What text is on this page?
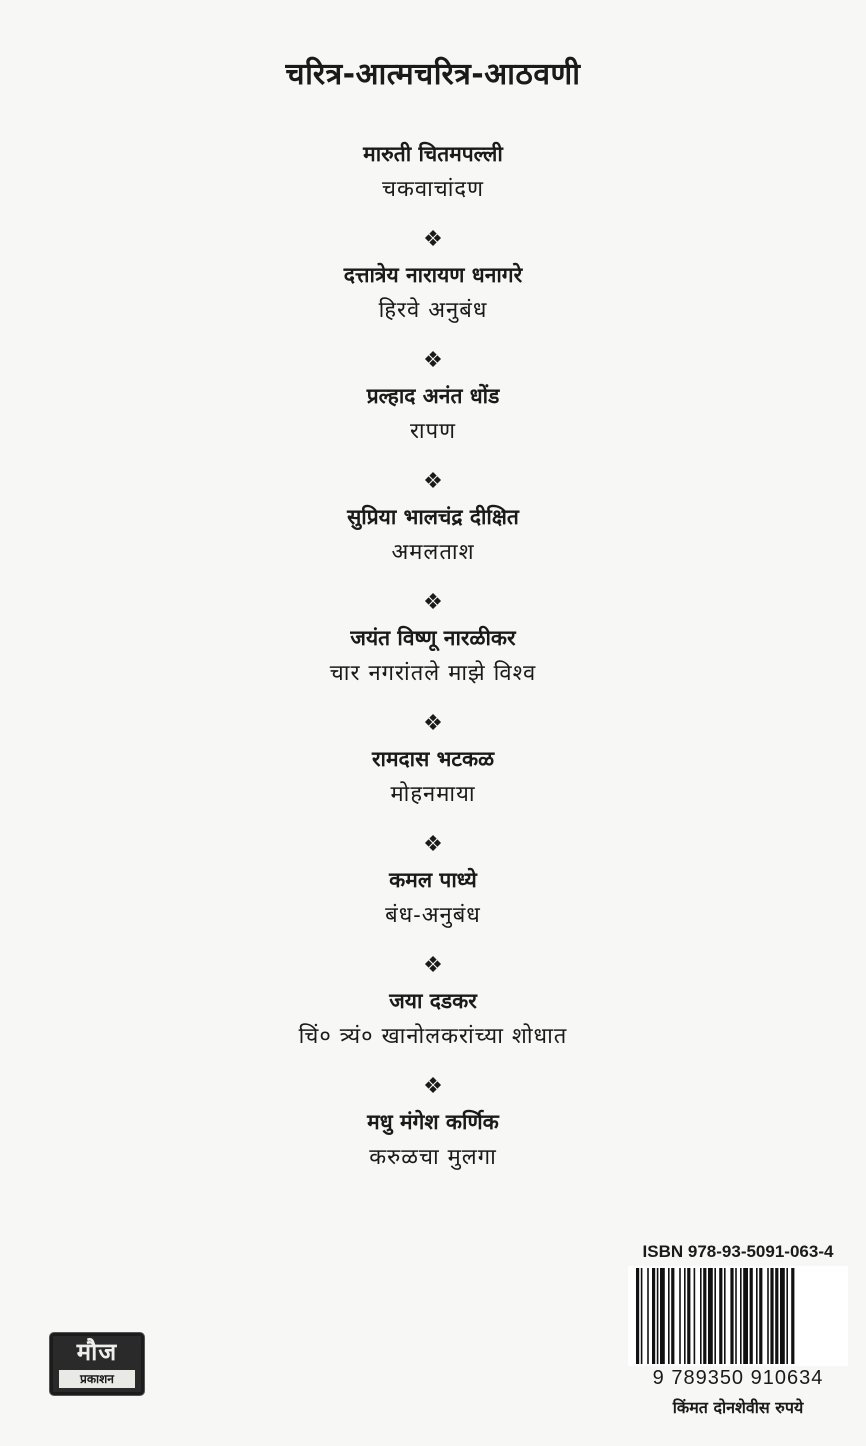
चरित्र-आत्मचरित्र-आठवणी
मारुती चितमपल्ली
चकवाचांदण
❖
दत्तात्रेय नारायण धनागरे
हिरवे अनुबंध
❖
प्रल्हाद अनंत धोंड
रापण
❖
सुप्रिया भालचंद्र दीक्षित
अमलताश
❖
जयंत विष्णू नारळीकर
चार नगरांतले माझे विश्व
❖
रामदास भटकळ
मोहनमाया
❖
कमल पाध्ये
बंध-अनुबंध
❖
जया दडकर
चिं० त्र्यं० खानोलकरांच्या शोधात
❖
मधु मंगेश कर्णिक
करुळचा मुलगा
मौज
प्रकाशन
ISBN 978-93-5091-063-4
9 789350 910634
किंमत दोनशेवीस रुपये
